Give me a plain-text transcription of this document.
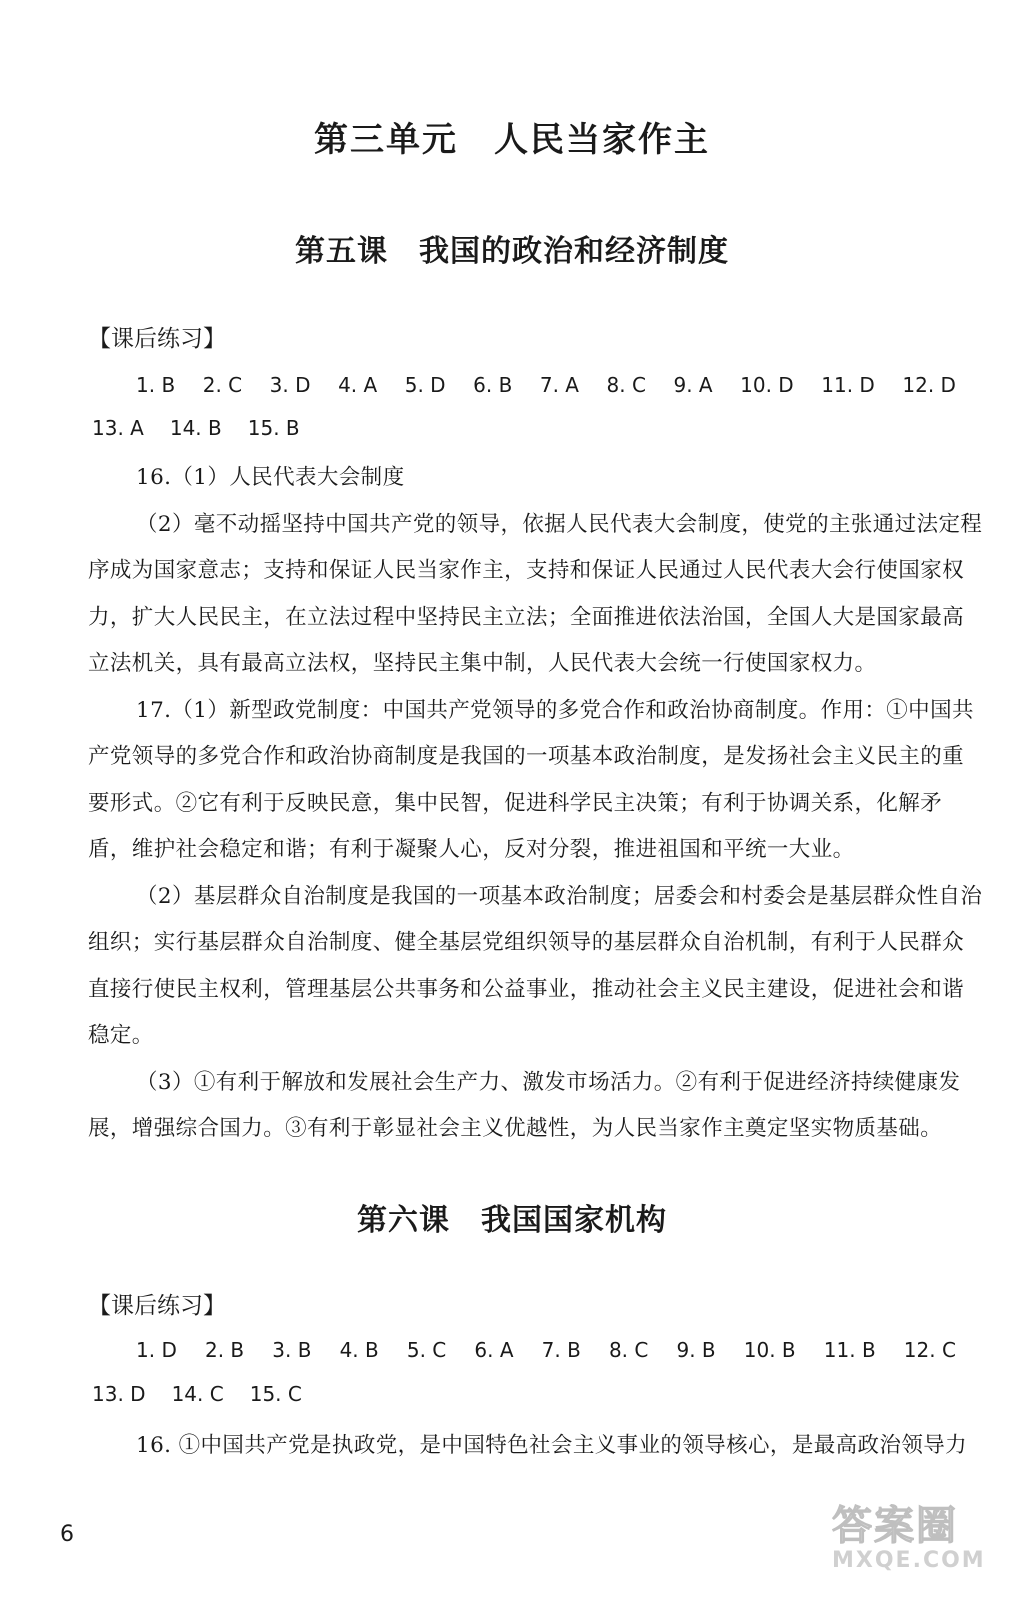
第三单元　人民当家作主
第五课　我国的政治和经济制度
【课后练习】
1. B 2. C 3. D 4. A 5. D 6. B 7. A 8. C 9. A 10. D 11. D 12. D
13. A 14. B 15. B
16.（1）人民代表大会制度
（2）毫不动摇坚持中国共产党的领导，依据人民代表大会制度，使党的主张通过法定程
序成为国家意志；支持和保证人民当家作主，支持和保证人民通过人民代表大会行使国家权
力，扩大人民民主，在立法过程中坚持民主立法；全面推进依法治国，全国人大是国家最高
立法机关，具有最高立法权，坚持民主集中制，人民代表大会统一行使国家权力。
17.（1）新型政党制度：中国共产党领导的多党合作和政治协商制度。作用：①中国共
产党领导的多党合作和政治协商制度是我国的一项基本政治制度，是发扬社会主义民主的重
要形式。②它有利于反映民意，集中民智，促进科学民主决策；有利于协调关系，化解矛
盾，维护社会稳定和谐；有利于凝聚人心，反对分裂，推进祖国和平统一大业。
（2）基层群众自治制度是我国的一项基本政治制度；居委会和村委会是基层群众性自治
组织；实行基层群众自治制度、健全基层党组织领导的基层群众自治机制，有利于人民群众
直接行使民主权利，管理基层公共事务和公益事业，推动社会主义民主建设，促进社会和谐
稳定。
（3）①有利于解放和发展社会生产力、激发市场活力。②有利于促进经济持续健康发
展，增强综合国力。③有利于彰显社会主义优越性，为人民当家作主奠定坚实物质基础。
第六课　我国国家机构
【课后练习】
1. D 2. B 3. B 4. B 5. C 6. A 7. B 8. C 9. B 10. B 11. B 12. C
13. D 14. C 15. C
16. ①中国共产党是执政党，是中国特色社会主义事业的领导核心，是最高政治领导力
6	答案圈
MXQE.COM
